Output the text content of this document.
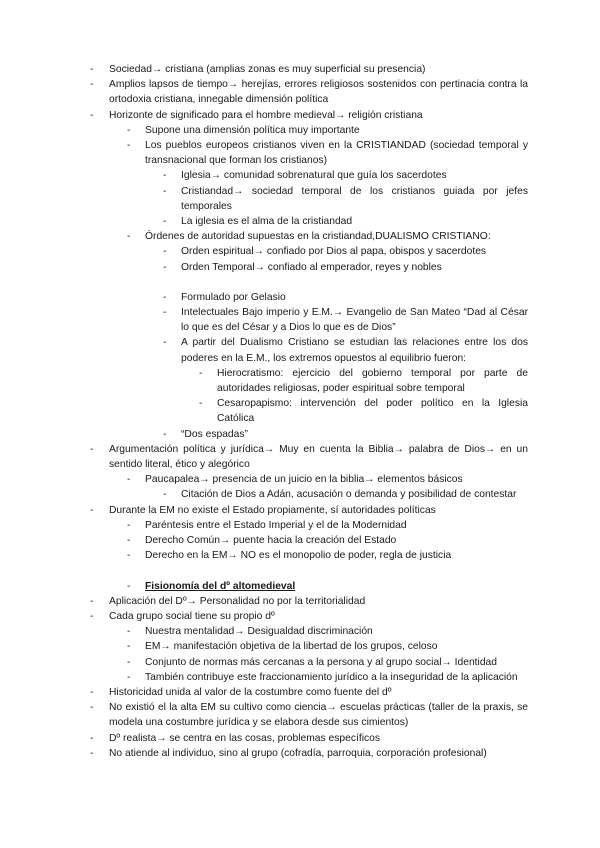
- Sociedad→ cristiana (amplias zonas es muy superficial su presencia)
- Amplios lapsos de tiempo→ herejías, errores religiosos sostenidos con pertinacia contra la ortodoxia cristiana, innegable dimensión política
- Horizonte de significado para el hombre medieval→ religión cristiana
- Supone una dimensión política muy importante
- Los pueblos europeos cristianos viven en la CRISTIANDAD (sociedad temporal y transnacional que forman los cristianos)
- Iglesia→ comunidad sobrenatural que guía los sacerdotes
- Cristiandad→ sociedad temporal de los cristianos guiada por jefes temporales
- La iglesia es el alma de la cristiandad
- Órdenes de autoridad supuestas en la cristiandad,DUALISMO CRISTIANO:
- Orden espiritual→ confiado por Dios al papa, obispos y sacerdotes
- Orden Temporal→ confiado al emperador, reyes y nobles
- Formulado por Gelasio
- Intelectuales Bajo imperio y E.M.→ Evangelio de San Mateo “Dad al César lo que es del César y a Dios lo que es de Dios”
- A partir del Dualismo Cristiano se estudian las relaciones entre los dos poderes en la E.M., los extremos opuestos al equilibrio fueron:
- Hierocratismo: ejercicio del gobierno temporal por parte de autoridades religiosas, poder espiritual sobre temporal
- Cesaropapismo: intervención del poder político en la Iglesia Católica
- “Dos espadas”
- Argumentación política y jurídica→ Muy en cuenta la Biblia→ palabra de Dios→ en un sentido literal, ético y alegórico
- Paucapalea→ presencia de un juicio en la biblia→ elementos básicos
- Citación de Dios a Adán, acusación o demanda y posibilidad de contestar
- Durante la EM no existe el Estado propiamente, sí autoridades políticas
- Paréntesis entre el Estado Imperial y el de la Modernidad
- Derecho Común→ puente hacia la creación del Estado
- Derecho en la EM→ NO es el monopolio de poder, regla de justicia
- Fisionomía del dº altomedieval
- Aplicación del Dº→ Personalidad no por la territorialidad
- Cada grupo social tiene su propio dº
- Nuestra mentalidad→ Desigualdad discriminación
- EM→ manifestación objetiva de la libertad de los grupos, celoso
- Conjunto de normas más cercanas a la persona y al grupo social→ Identidad
- También contribuye este fraccionamiento jurídico a la inseguridad de la aplicación
- Historicidad unida al valor de la costumbre como fuente del dº
- No existió el la alta EM su cultivo como ciencia→ escuelas prácticas (taller de la praxis, se modela una costumbre jurídica y se elabora desde sus cimientos)
- Dº realista→ se centra en las cosas, problemas específicos
- No atiende al individuo, sino al grupo (cofradía, parroquia, corporación profesional)
